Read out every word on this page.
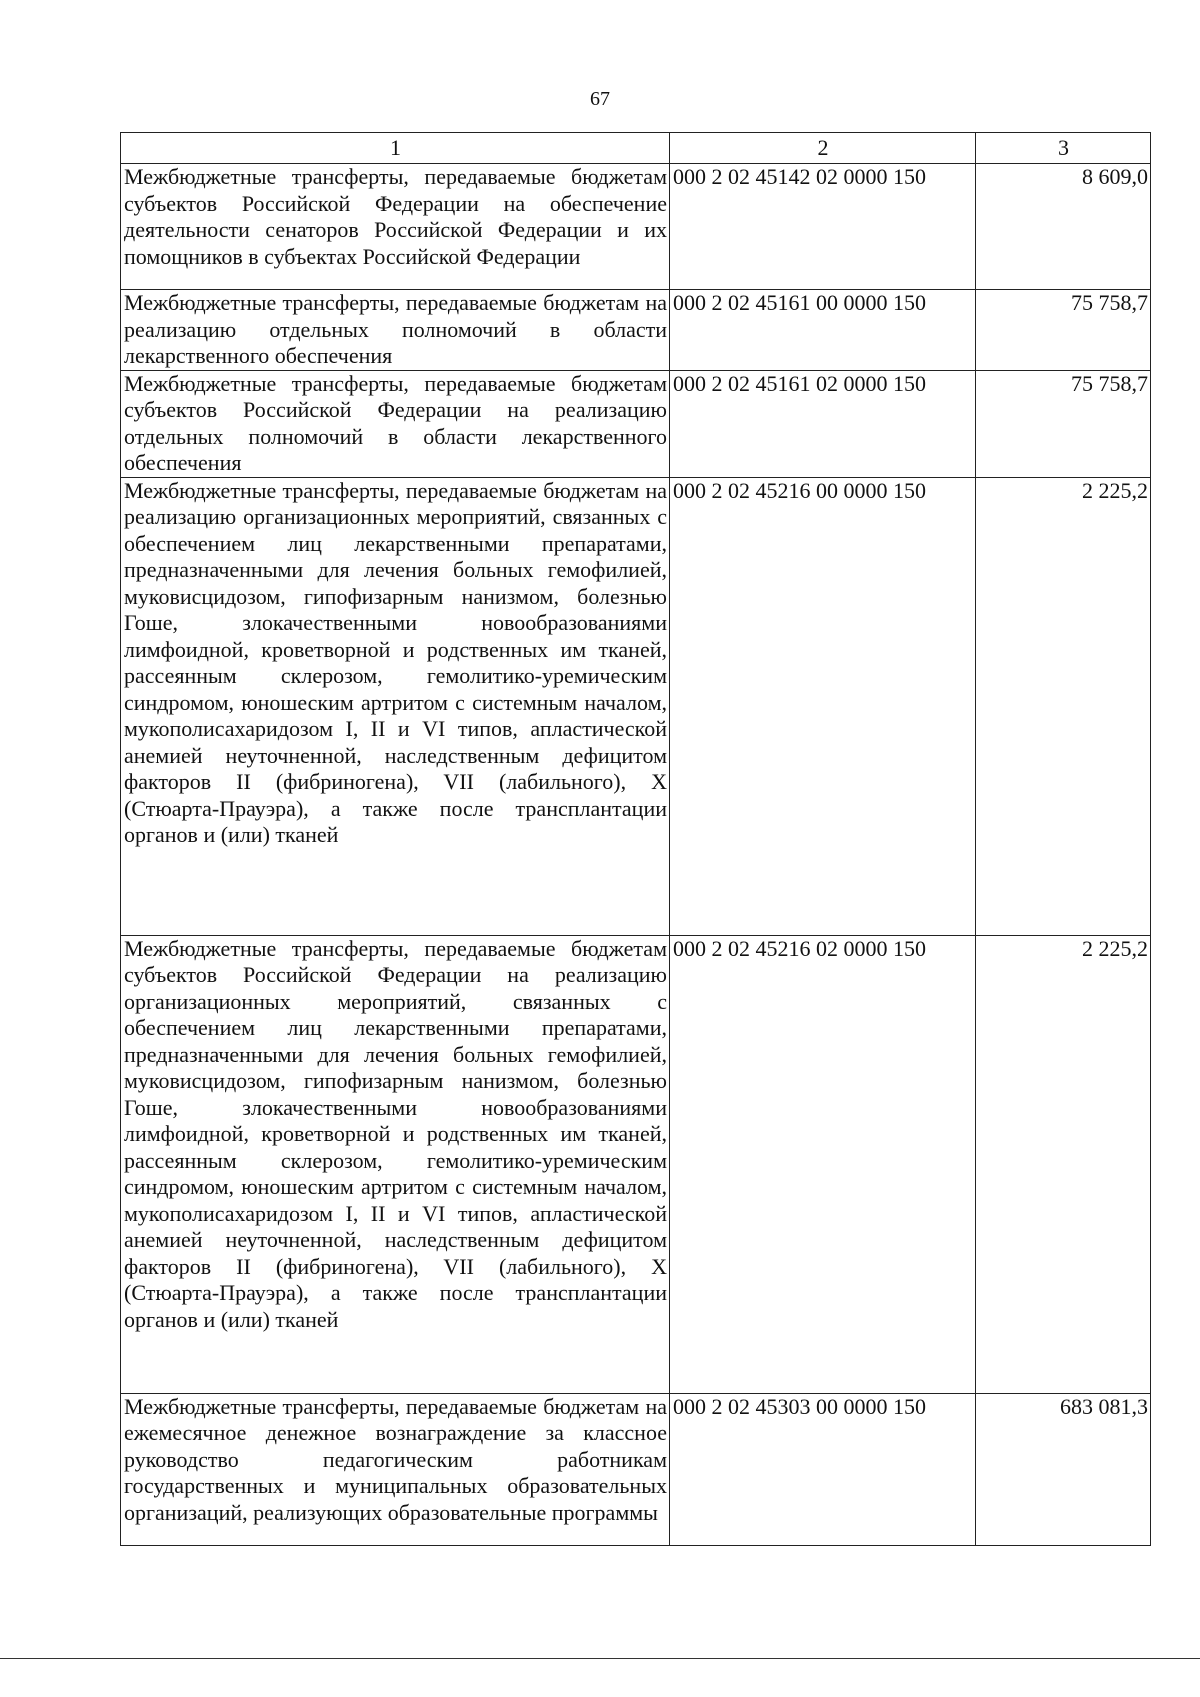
67
1	2	3
Межбюджетные трансферты, передаваемые бюджетам субъектов Российской Федерации на обеспечение деятельности сенаторов Российской Федерации и их помощников в субъектах Российской Федерации	000 2 02 45142 02 0000 150	8 609,0
Межбюджетные трансферты, передаваемые бюджетам на реализацию отдельных полномочий в области лекарственного обеспечения	000 2 02 45161 00 0000 150	75 758,7
Межбюджетные трансферты, передаваемые бюджетам субъектов Российской Федерации на реализацию отдельных полномочий в области лекарственного обеспечения	000 2 02 45161 02 0000 150	75 758,7
Межбюджетные трансферты, передаваемые бюджетам на реализацию организационных мероприятий, связанных с обеспечением лиц лекарственными препаратами, предназначенными для лечения больных гемофилией, муковисцидозом, гипофизарным нанизмом, болезнью Гоше, злокачественными новообразованиями лимфоидной, кроветворной и родственных им тканей, рассеянным склерозом, гемолитико-уремическим синдромом, юношеским артритом с системным началом, мукополисахаридозом I, II и VI типов, апластической анемией неуточненной, наследственным дефицитом факторов II (фибриногена), VII (лабильного), X (Стюарта-Прауэра), а также после трансплантации органов и (или) тканей	000 2 02 45216 00 0000 150	2 225,2
Межбюджетные трансферты, передаваемые бюджетам субъектов Российской Федерации на реализацию организационных мероприятий, связанных с обеспечением лиц лекарственными препаратами, предназначенными для лечения больных гемофилией, муковисцидозом, гипофизарным нанизмом, болезнью Гоше, злокачественными новообразованиями лимфоидной, кроветворной и родственных им тканей, рассеянным склерозом, гемолитико-уремическим синдромом, юношеским артритом с системным началом, мукополисахаридозом I, II и VI типов, апластической анемией неуточненной, наследственным дефицитом факторов II (фибриногена), VII (лабильного), X (Стюарта-Прауэра), а также после трансплантации органов и (или) тканей	000 2 02 45216 02 0000 150	2 225,2
Межбюджетные трансферты, передаваемые бюджетам на ежемесячное денежное вознаграждение за классное руководство педагогическим работникам государственных и муниципальных образовательных организаций, реализующих образовательные программы	000 2 02 45303 00 0000 150	683 081,3
